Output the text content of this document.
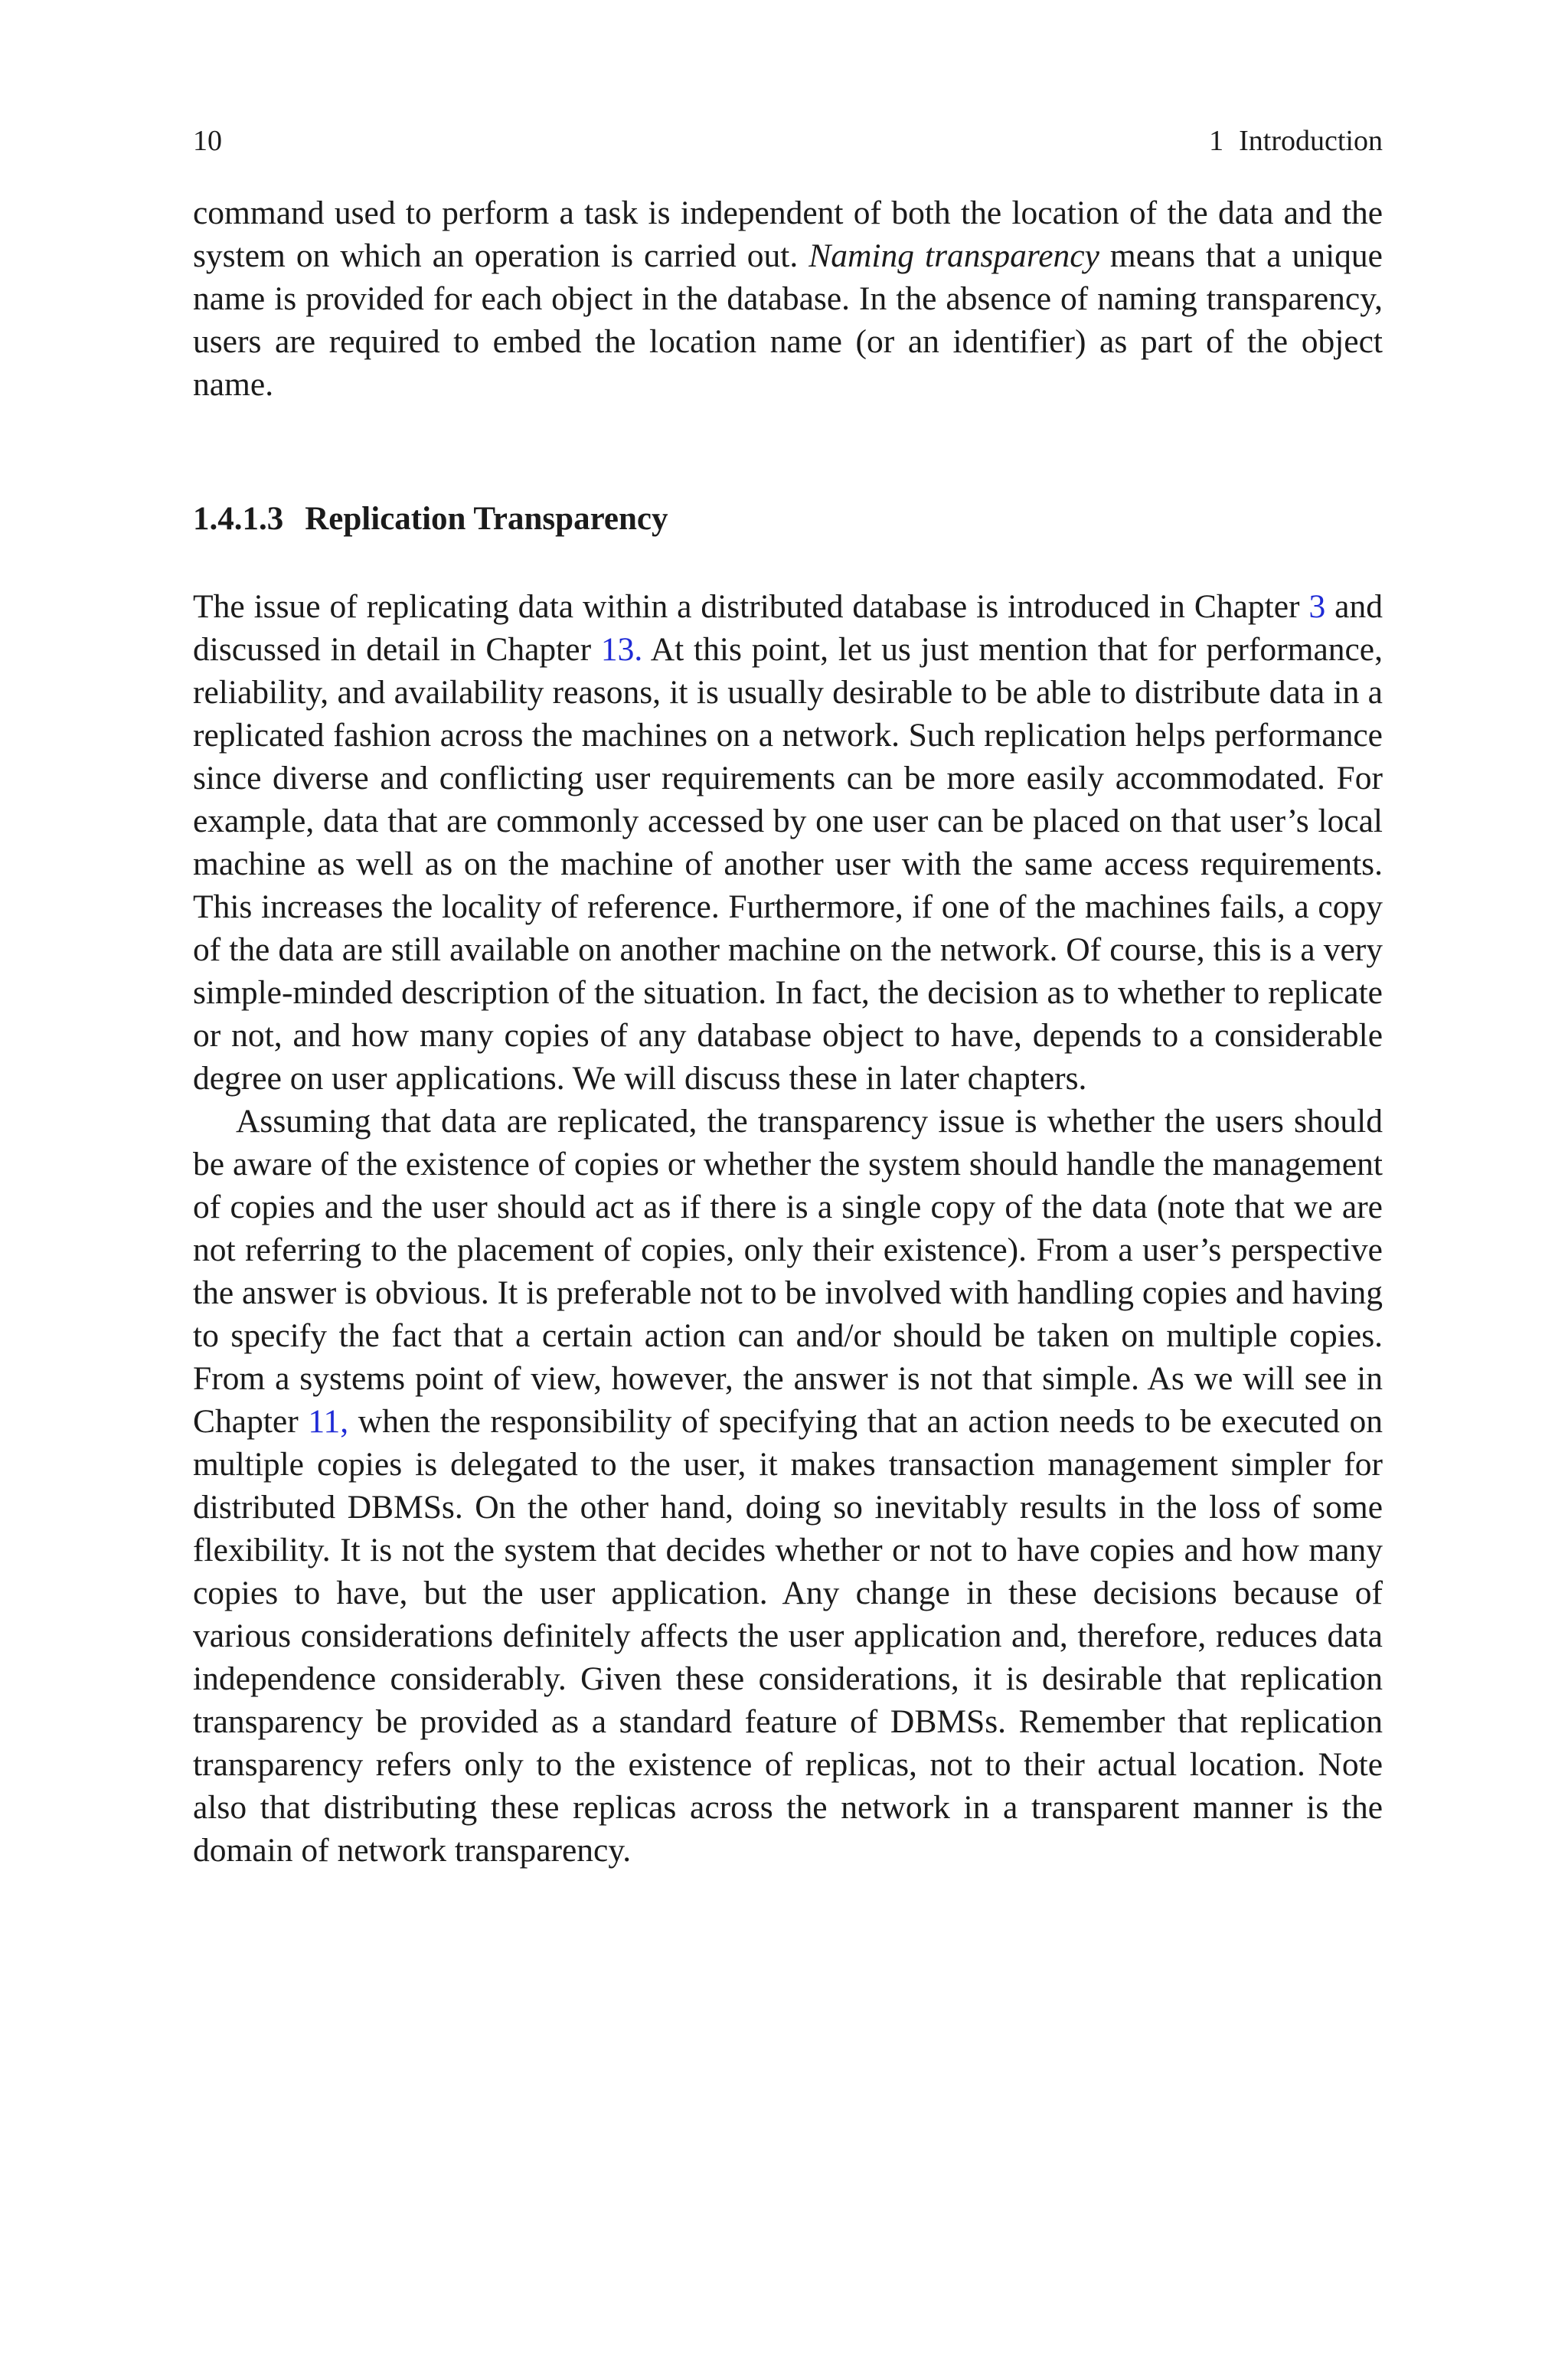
10	1 Introduction

command used to perform a task is independent of both the location of the data and the system on which an operation is carried out. Naming transparency means that a unique name is provided for each object in the database. In the absence of naming transparency, users are required to embed the location name (or an identifier) as part of the object name.

1.4.1.3 Replication Transparency

The issue of replicating data within a distributed database is introduced in Chapter 3 and discussed in detail in Chapter 13. At this point, let us just mention that for performance, reliability, and availability reasons, it is usually desirable to be able to distribute data in a replicated fashion across the machines on a network. Such replication helps performance since diverse and conflicting user requirements can be more easily accommodated. For example, data that are commonly accessed by one user can be placed on that user’s local machine as well as on the machine of another user with the same access requirements. This increases the locality of reference. Furthermore, if one of the machines fails, a copy of the data are still available on another machine on the network. Of course, this is a very simple-minded description of the situation. In fact, the decision as to whether to replicate or not, and how many copies of any database object to have, depends to a considerable degree on user applications. We will discuss these in later chapters.

Assuming that data are replicated, the transparency issue is whether the users should be aware of the existence of copies or whether the system should handle the management of copies and the user should act as if there is a single copy of the data (note that we are not referring to the placement of copies, only their existence). From a user’s perspective the answer is obvious. It is preferable not to be involved with handling copies and having to specify the fact that a certain action can and/or should be taken on multiple copies. From a systems point of view, however, the answer is not that simple. As we will see in Chapter 11, when the responsibility of specifying that an action needs to be executed on multiple copies is delegated to the user, it makes transaction management simpler for distributed DBMSs. On the other hand, doing so inevitably results in the loss of some flexibility. It is not the system that decides whether or not to have copies and how many copies to have, but the user application. Any change in these decisions because of various considerations definitely affects the user application and, therefore, reduces data independence considerably. Given these considerations, it is desirable that replication transparency be provided as a standard feature of DBMSs. Remember that replication transparency refers only to the existence of replicas, not to their actual location. Note also that distributing these replicas across the network in a transparent manner is the domain of network transparency.
